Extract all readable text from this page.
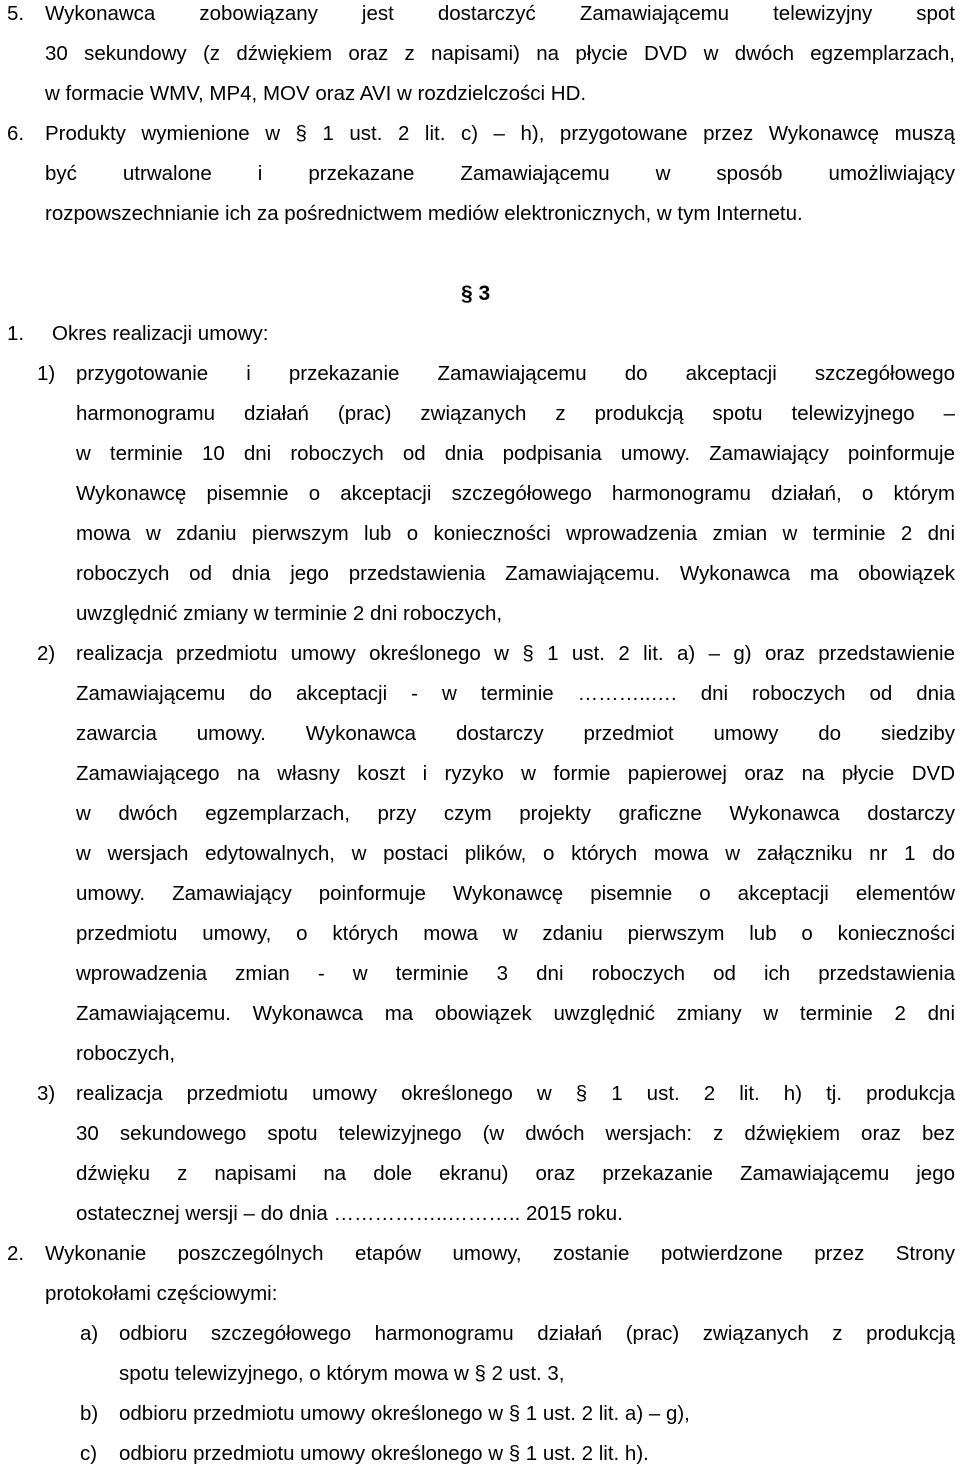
5. Wykonawca zobowiązany jest dostarczyć Zamawiającemu telewizyjny spot
30 sekundowy (z dźwiękiem oraz z napisami) na płycie DVD w dwóch egzemplarzach,
w formacie WMV, MP4, MOV oraz AVI w rozdzielczości HD.
6. Produkty wymienione w § 1 ust. 2 lit. c) – h), przygotowane przez Wykonawcę muszą
być utrwalone i przekazane Zamawiającemu w sposób umożliwiający
rozpowszechnianie ich za pośrednictwem mediów elektronicznych, w tym Internetu.
§ 3
1. Okres realizacji umowy:
1) przygotowanie i przekazanie Zamawiającemu do akceptacji szczegółowego
harmonogramu działań (prac) związanych z produkcją spotu telewizyjnego –
w terminie 10 dni roboczych od dnia podpisania umowy. Zamawiający poinformuje
Wykonawcę pisemnie o akceptacji szczegółowego harmonogramu działań, o którym
mowa w zdaniu pierwszym lub o konieczności wprowadzenia zmian w terminie 2 dni
roboczych od dnia jego przedstawienia Zamawiającemu. Wykonawca ma obowiązek
uwzględnić zmiany w terminie 2 dni roboczych,
2) realizacja przedmiotu umowy określonego w § 1 ust. 2 lit. a) – g) oraz przedstawienie
Zamawiającemu do akceptacji - w terminie ………..…. dni roboczych od dnia
zawarcia umowy. Wykonawca dostarczy przedmiot umowy do siedziby
Zamawiającego na własny koszt i ryzyko w formie papierowej oraz na płycie DVD
w dwóch egzemplarzach, przy czym projekty graficzne Wykonawca dostarczy
w wersjach edytowalnych, w postaci plików, o których mowa w załączniku nr 1 do
umowy. Zamawiający poinformuje Wykonawcę pisemnie o akceptacji elementów
przedmiotu umowy, o których mowa w zdaniu pierwszym lub o konieczności
wprowadzenia zmian - w terminie 3 dni roboczych od ich przedstawienia
Zamawiającemu. Wykonawca ma obowiązek uwzględnić zmiany w terminie 2 dni
roboczych,
3) realizacja przedmiotu umowy określonego w § 1 ust. 2 lit. h) tj. produkcja
30 sekundowego spotu telewizyjnego (w dwóch wersjach: z dźwiękiem oraz bez
dźwięku z napisami na dole ekranu) oraz przekazanie Zamawiającemu jego
ostatecznej wersji – do dnia ……………..……….. 2015 roku.
2. Wykonanie poszczególnych etapów umowy, zostanie potwierdzone przez Strony
protokołami częściowymi:
a) odbioru szczegółowego harmonogramu działań (prac) związanych z produkcją
spotu telewizyjnego, o którym mowa w § 2 ust. 3,
b) odbioru przedmiotu umowy określonego w § 1 ust. 2 lit. a) – g),
c) odbioru przedmiotu umowy określonego w § 1 ust. 2 lit. h).
